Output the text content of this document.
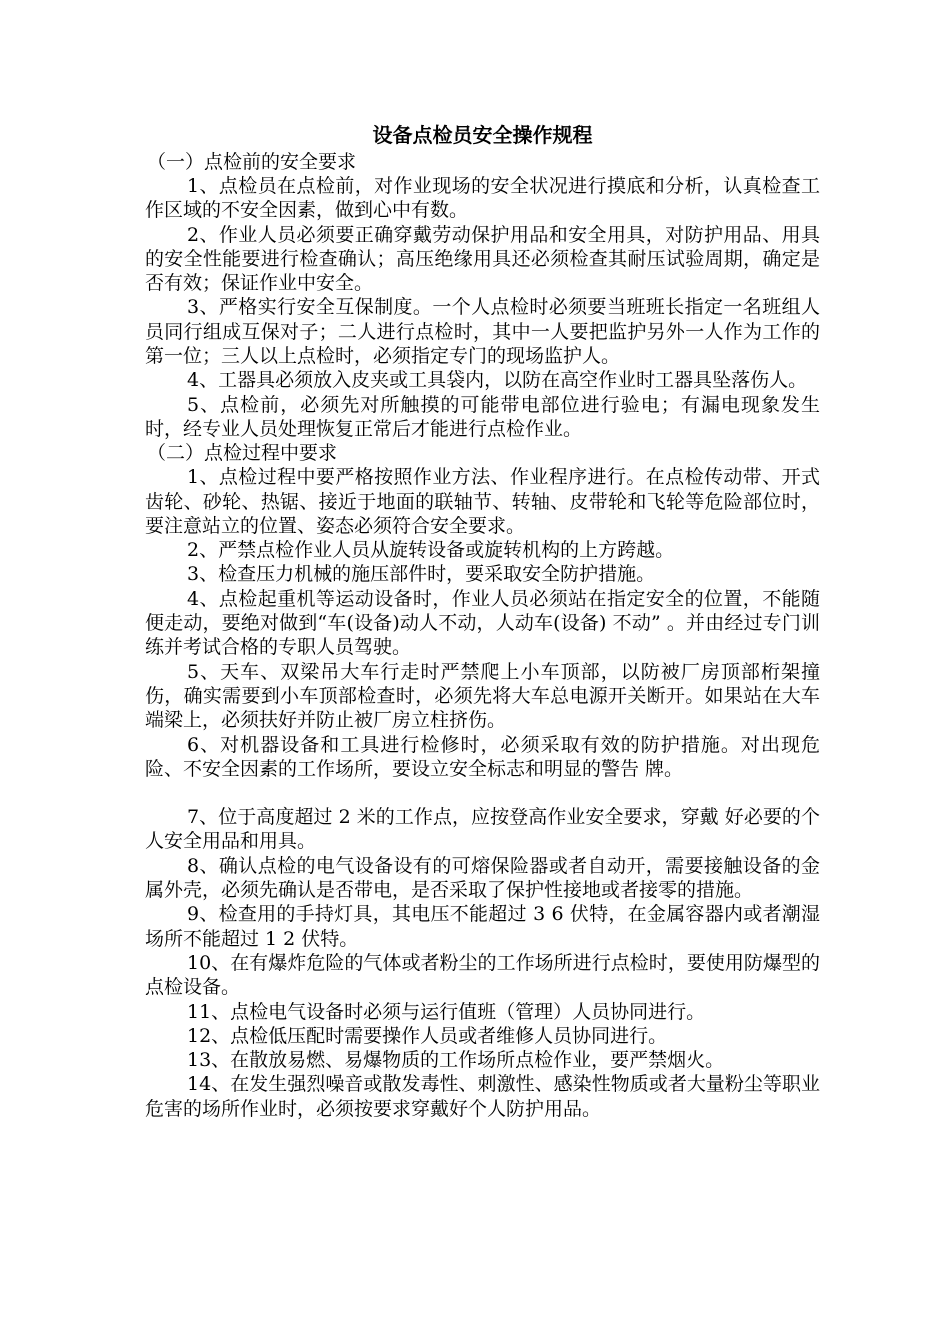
设备点检员安全操作规程

（一）点检前的安全要求

1、点检员在点检前，对作业现场的安全状况进行摸底和分析，认真检查工作区域的不安全因素，做到心中有数。

2、作业人员必须要正确穿戴劳动保护用品和安全用具，对防护用品、用具的安全性能要进行检查确认；高压绝缘用具还必须检查其耐压试验周期，确定是否有效；保证作业中安全。

3、严格实行安全互保制度。一个人点检时必须要当班班长指定一名班组人员同行组成互保对子；二人进行点检时，其中一人要把监护另外一人作为工作的第一位；三人以上点检时，必须指定专门的现场监护人。

4、工器具必须放入皮夹或工具袋内，以防在高空作业时工器具坠落伤人。

5、点检前，必须先对所触摸的可能带电部位进行验电；有漏电现象发生时，经专业人员处理恢复正常后才能进行点检作业。

（二）点检过程中要求

1、点检过程中要严格按照作业方法、作业程序进行。在点检传动带、开式齿轮、砂轮、热锯、接近于地面的联轴节、转轴、皮带轮和飞轮等危险部位时，要注意站立的位置、姿态必须符合安全要求。

2、严禁点检作业人员从旋转设备或旋转机构的上方跨越。

3、检查压力机械的施压部件时，要采取安全防护措施。

4、点检起重机等运动设备时，作业人员必须站在指定安全的位置，不能随便走动，要绝对做到“车(设备)动人不动，人动车(设备) 不动” 。并由经过专门训练并考试合格的专职人员驾驶。

5、天车、双梁吊大车行走时严禁爬上小车顶部，以防被厂房顶部桁架撞伤，确实需要到小车顶部检查时，必须先将大车总电源开关断开。如果站在大车端梁上，必须扶好并防止被厂房立柱挤伤。

6、对机器设备和工具进行检修时，必须采取有效的防护措施。对出现危险、不安全因素的工作场所，要设立安全标志和明显的警告 牌。

7、位于高度超过 2 米的工作点，应按登高作业安全要求，穿戴 好必要的个人安全用品和用具。

8、确认点检的电气设备设有的可熔保险器或者自动开，需要接触设备的金属外壳，必须先确认是否带电，是否采取了保护性接地或者接零的措施。

9、检查用的手持灯具，其电压不能超过 3 6 伏特，在金属容器内或者潮湿场所不能超过 1 2 伏特。

10、在有爆炸危险的气体或者粉尘的工作场所进行点检时，要使用防爆型的点检设备。

11、点检电气设备时必须与运行值班（管理）人员协同进行。

12、点检低压配时需要操作人员或者维修人员协同进行。

13、在散放易燃、易爆物质的工作场所点检作业，要严禁烟火。

14、在发生强烈噪音或散发毒性、刺激性、感染性物质或者大量粉尘等职业危害的场所作业时，必须按要求穿戴好个人防护用品。
